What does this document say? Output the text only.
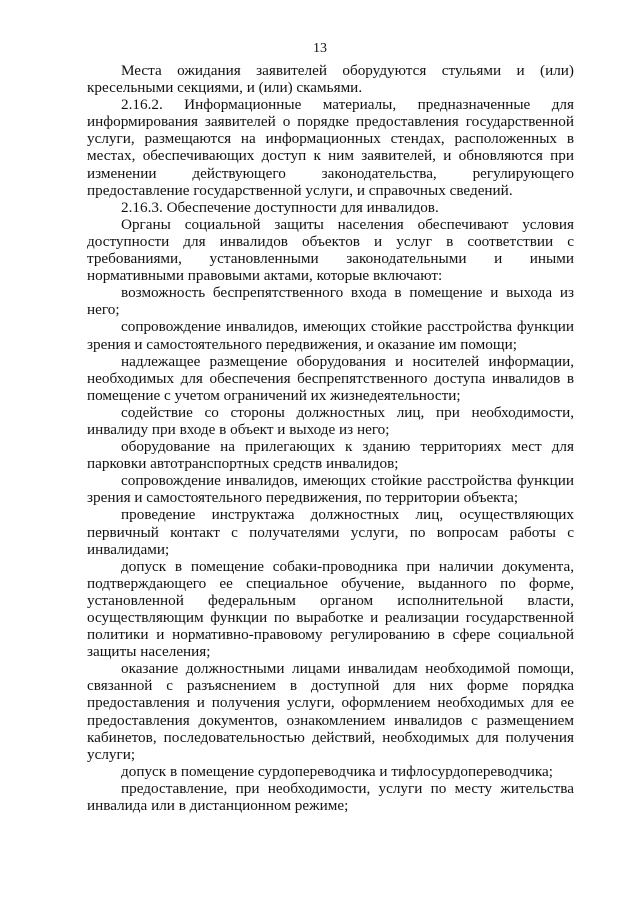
13

Места ожидания заявителей оборудуются стульями и (или) кресельными секциями, и (или) скамьями.

2.16.2. Информационные материалы, предназначенные для информирования заявителей о порядке предоставления государственной услуги, размещаются на информационных стендах, расположенных в местах, обеспечивающих доступ к ним заявителей, и обновляются при изменении действующего законодательства, регулирующего предоставление государственной услуги, и справочных сведений.

2.16.3. Обеспечение доступности для инвалидов.

Органы социальной защиты населения обеспечивают условия доступности для инвалидов объектов и услуг в соответствии с требованиями, установленными законодательными и иными нормативными правовыми актами, которые включают:

возможность беспрепятственного входа в помещение и выхода из него;

сопровождение инвалидов, имеющих стойкие расстройства функции зрения и самостоятельного передвижения, и оказание им помощи;

надлежащее размещение оборудования и носителей информации, необходимых для обеспечения беспрепятственного доступа инвалидов в помещение с учетом ограничений их жизнедеятельности;

содействие со стороны должностных лиц, при необходимости, инвалиду при входе в объект и выходе из него;

оборудование на прилегающих к зданию территориях мест для парковки автотранспортных средств инвалидов;

сопровождение инвалидов, имеющих стойкие расстройства функции зрения и самостоятельного передвижения, по территории объекта;

проведение инструктажа должностных лиц, осуществляющих первичный контакт с получателями услуги, по вопросам работы с инвалидами;

допуск в помещение собаки-проводника при наличии документа, подтверждающего ее специальное обучение, выданного по форме, установленной федеральным органом исполнительной власти, осуществляющим функции по выработке и реализации государственной политики и нормативно-правовому регулированию в сфере социальной защиты населения;

оказание должностными лицами инвалидам необходимой помощи, связанной с разъяснением в доступной для них форме порядка предоставления и получения услуги, оформлением необходимых для ее предоставления документов, ознакомлением инвалидов с размещением кабинетов, последовательностью действий, необходимых для получения услуги;

допуск в помещение сурдопереводчика и тифлосурдопереводчика;

предоставление, при необходимости, услуги по месту жительства инвалида или в дистанционном режиме;
